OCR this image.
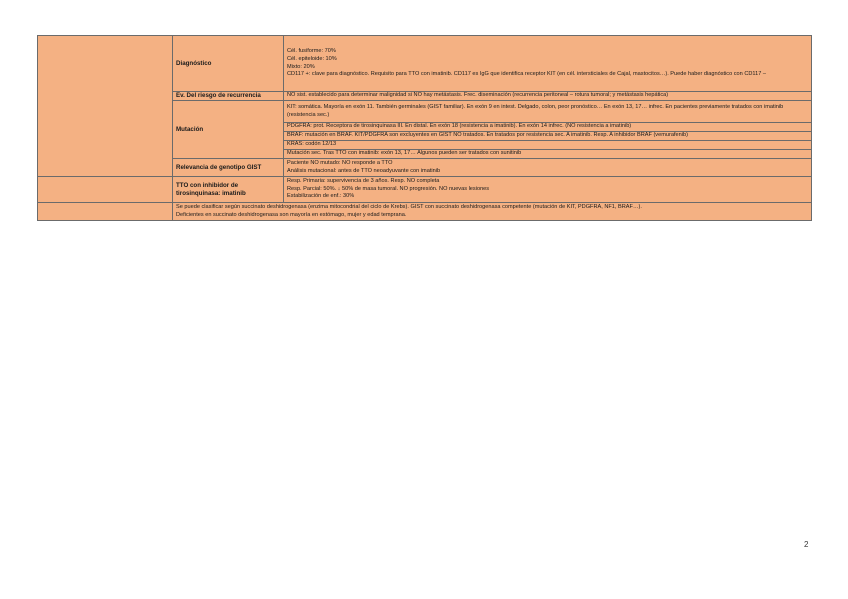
	Diagnóstico	Cél. fusiforme: 70%
Cél. epiteloide: 10%
Mixto: 20%
CD117 +: clave para diagnóstico. Requisito para TTO con imatinib. CD117 es IgG que identifica receptor KIT (en cél. intersticiales de Cajal, mastocitos…). Puede haber diagnóstico con CD117 –

	Ev. Del riesgo de recurrencia	NO sist. establecido para determinar malignidad si NO hay metástasis. Frec. diseminación (recurrencia peritoneal – rotura tumoral; y metástasis hepática)

	Mutación	KIT: somática. Mayoría en exón 11. También germinales (GIST familiar). En exón 9 en intest. Delgado, colon, peor pronóstico… En exón 13, 17… infrec. En pacientes previamente tratados con imatinib (resistencia sec.)

		PDGFRA: prot. Receptora de tirosinquinasa III. En distal. En exón 18 (resistencia a imatinib). En exón 14 infrec. (NO resistencia a imatinib)

		BRAF: mutación en BRAF. KIT/PDGFRA son excluyentes en GIST NO tratados. En tratados por resistencia sec. A imatinib. Resp. A inhibidor BRAF (vemurafenib)

		KRAS: codón 12/13

		Mutación sec. Tras TTO con imatinib: exón 13, 17… Algunos pueden ser tratados con sunitinib

	Relevancia de genotipo GIST	Paciente NO mutado: NO responde a TTO
Análisis mutacional: antes de TTO neoadyuvante con imatinib

	TTO con inhibidor de tirosinquinasa: imatinib	Resp. Primaria: supervivencia de 3 años. Resp. NO completa
Resp. Parcial: 50%. ↓ 50% de masa tumoral. NO progresión. NO nuevas lesiones
Estabilización de enf.: 30%

	Se puede clasificar según succinato deshidrogenasa (enzima mitocondrial del ciclo de Krebs). GIST con succinato deshidrogenasa competente (mutación de KIT, PDGFRA, NF1, BRAF…).
Deficientes en succinato deshidrogenasa son mayoría en estómago, mujer y edad temprana.	
2
